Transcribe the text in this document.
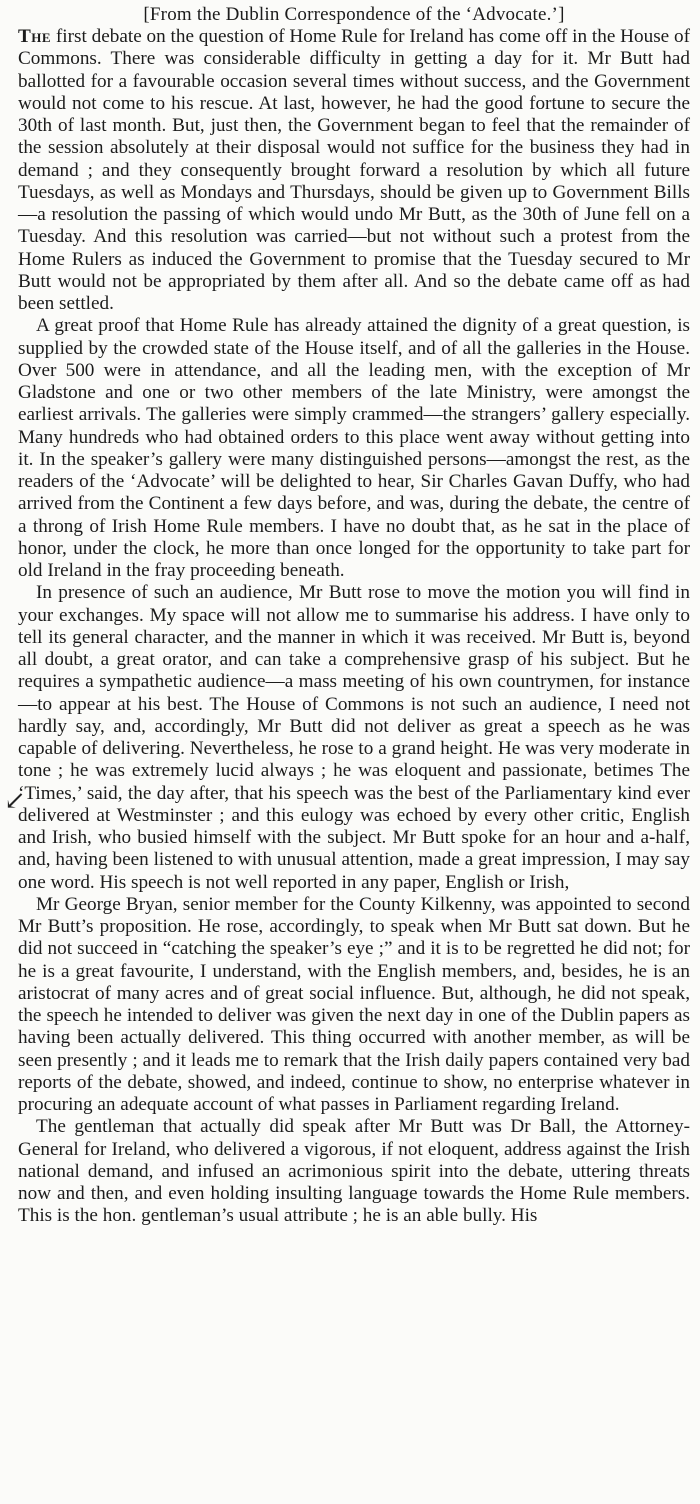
[From the Dublin Correspondence of the ‘Advocate.’]

The first debate on the question of Home Rule for Ireland has come off in the House of Commons. There was considerable difficulty in getting a day for it. Mr Butt had ballotted for a favourable occasion several times without success, and the Government would not come to his rescue. At last, however, he had the good fortune to secure the 30th of last month. But, just then, the Government began to feel that the remainder of the session absolutely at their disposal would not suffice for the business they had in demand ; and they consequently brought forward a resolution by which all future Tuesdays, as well as Mondays and Thursdays, should be given up to Government Bills—a resolution the passing of which would undo Mr Butt, as the 30th of June fell on a Tuesday. And this resolution was carried—but not without such a protest from the Home Rulers as induced the Government to promise that the Tuesday secured to Mr Butt would not be appropriated by them after all. And so the debate came off as had been settled.

A great proof that Home Rule has already attained the dignity of a great question, is supplied by the crowded state of the House itself, and of all the galleries in the House. Over 500 were in attendance, and all the leading men, with the exception of Mr Gladstone and one or two other members of the late Ministry, were amongst the earliest arrivals. The galleries were simply crammed—the strangers’ gallery especially. Many hundreds who had obtained orders to this place went away without getting into it. In the speaker’s gallery were many distinguished persons—amongst the rest, as the readers of the ‘Advocate’ will be delighted to hear, Sir Charles Gavan Duffy, who had arrived from the Continent a few days before, and was, during the debate, the centre of a throng of Irish Home Rule members. I have no doubt that, as he sat in the place of honor, under the clock, he more than once longed for the opportunity to take part for old Ireland in the fray proceeding beneath.

In presence of such an audience, Mr Butt rose to move the motion you will find in your exchanges. My space will not allow me to summarise his address. I have only to tell its general character, and the manner in which it was received. Mr Butt is, beyond all doubt, a great orator, and can take a comprehensive grasp of his subject. But he requires a sympathetic audience—a mass meeting of his own countrymen, for instance—to appear at his best. The House of Commons is not such an audience, I need not hardly say, and, accordingly, Mr Butt did not deliver as great a speech as he was capable of delivering. Nevertheless, he rose to a grand height. He was very moderate in tone ; he was extremely lucid always ; he was eloquent and passionate, betimes The ‘Times,’ said, the day after, that his speech was the best of the Parliamentary kind ever delivered at Westminster ; and this eulogy was echoed by every other critic, English and Irish, who busied himself with the subject. Mr Butt spoke for an hour and a-half, and, having been listened to with unusual attention, made a great impression, I may say one word. His speech is not well reported in any paper, English or Irish,

Mr George Bryan, senior member for the County Kilkenny, was appointed to second Mr Butt’s proposition. He rose, accordingly, to speak when Mr Butt sat down. But he did not succeed in “catching the speaker’s eye ;” and it is to be regretted he did not; for he is a great favourite, I understand, with the English members, and, besides, he is an aristocrat of many acres and of great social influence. But, although, he did not speak, the speech he intended to deliver was given the next day in one of the Dublin papers as having been actually delivered. This thing occurred with another member, as will be seen presently ; and it leads me to remark that the Irish daily papers contained very bad reports of the debate, showed, and indeed, continue to show, no enterprise whatever in procuring an adequate account of what passes in Parliament regarding Ireland.

The gentleman that actually did speak after Mr Butt was Dr Ball, the Attorney-General for Ireland, who delivered a vigorous, if not eloquent, address against the Irish national demand, and infused an acrimonious spirit into the debate, uttering threats now and then, and even holding insulting language towards the Home Rule members. This is the hon. gentleman’s usual attribute ; he is an able bully. His

↙
